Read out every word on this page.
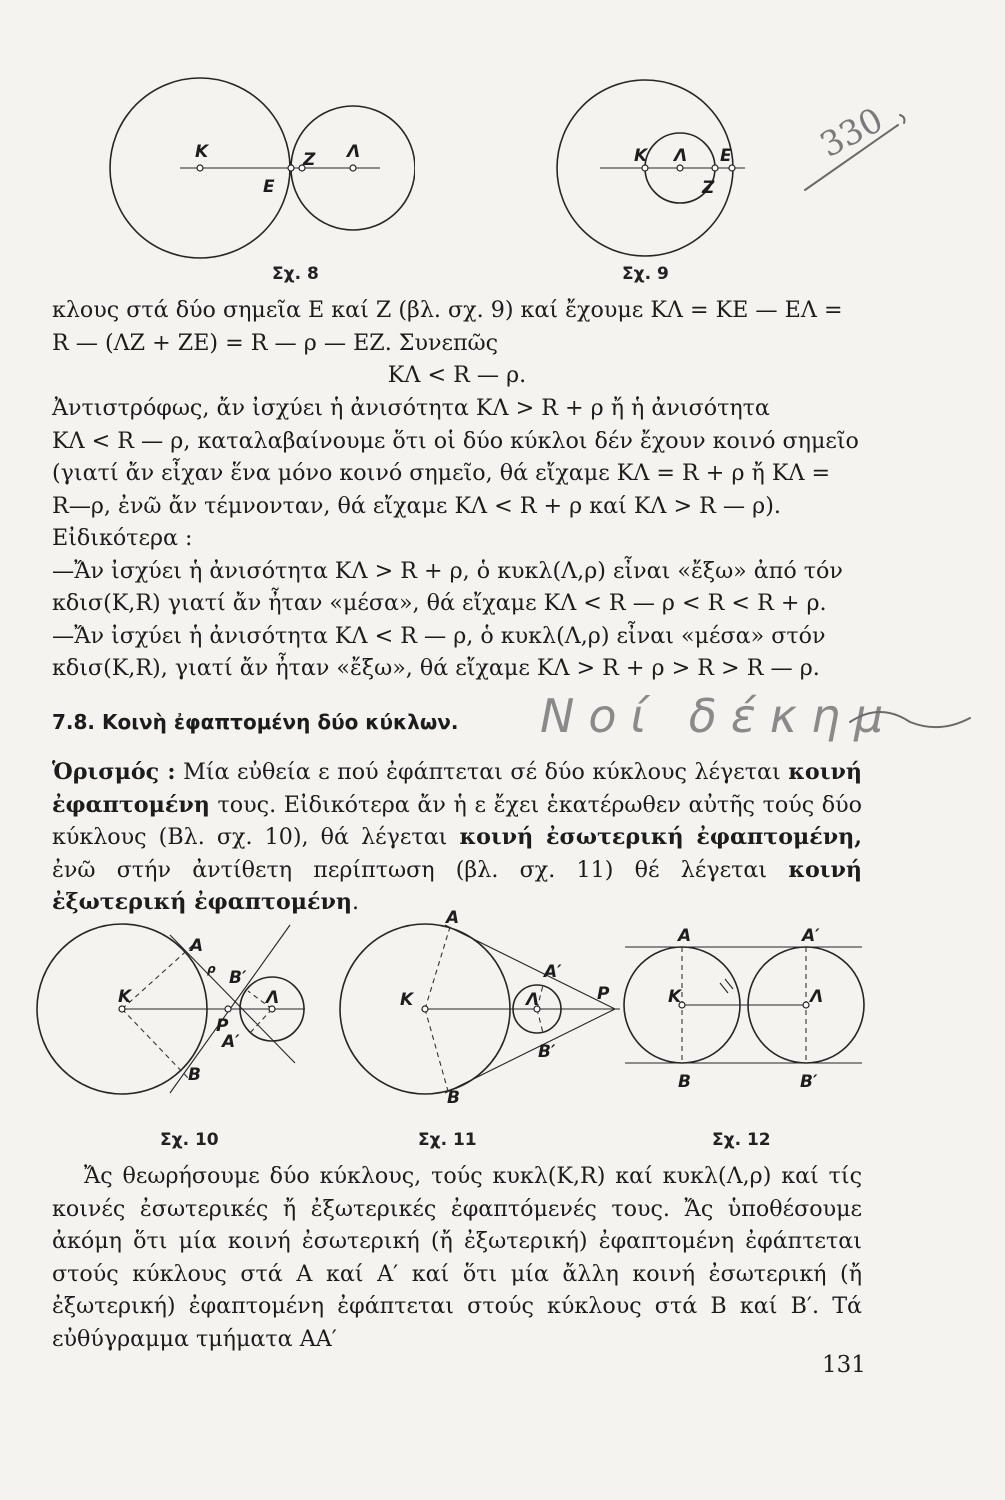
Κ	Ζ Λ
Ε
Σχ. 8
Κ Λ Ε
Ζ
Σχ. 9
330

κλους στά δύο σημεῖα Ε καί Ζ (βλ. σχ. 9) καί ἔχουμε ΚΛ = ΚΕ — ΕΛ =

R — (ΛΖ + ΖΕ) = R — ρ — ΕΖ. Συνεπῶς

ΚΛ < R — ρ.

Ἀντιστρόφως, ἄν ἰσχύει ἡ ἀνισότητα ΚΛ > R + ρ ἤ ἡ ἀνισότητα

ΚΛ < R — ρ, καταλαβαίνουμε ὅτι οἱ δύο κύκλοι δέν ἔχουν κοινό σημεῖο

(γιατί ἄν εἶχαν ἕνα μόνο κοινό σημεῖο, θά εἴχαμε ΚΛ = R + ρ ἤ ΚΛ =

R—ρ, ἐνῶ ἄν τέμνονταν, θά εἴχαμε ΚΛ < R + ρ καί ΚΛ > R — ρ).

Εἰδικότερα :

—Ἄν ἰσχύει ἡ ἀνισότητα ΚΛ > R + ρ, ὁ κυκλ(Λ,ρ) εἶναι «ἔξω» ἀπό τόν

κδισ(Κ,R) γιατί ἄν ἦταν «μέσα», θά εἴχαμε ΚΛ < R — ρ < R < R + ρ.

—Ἄν ἰσχύει ἡ ἀνισότητα ΚΛ < R — ρ, ὁ κυκλ(Λ,ρ) εἶναι «μέσα» στόν

κδισ(Κ,R), γιατί ἄν ἦταν «ἔξω», θά εἴχαμε ΚΛ > R + ρ > R > R — ρ.

7.8. Κοινὴ ἐφαπτομένη δύο κύκλων. Νοί δέκημ

Ὁρισμός : Μία εὐθεία ε πού ἐφάπτεται σέ δύο κύκλους λέγεται κοινή ἐφαπτομένη τους. Εἰδικότερα ἄν ἡ ε ἔχει ἑκατέρωθεν αὐτῆς τούς δύο κύκλους (Βλ. σχ. 10), θά λέγεται κοινή ἐσωτερική ἐφαπτομένη, ἐνῶ στήν ἀντίθετη περίπτωση (βλ. σχ. 11) θέ λέγεται κοινή ἐξωτερική ἐφαπτομένη.

Κ
Α
Β
Β′
Α′
Λ
Ρ
ρ
Σχ. 10
Κ
Α
Β
Α′
Β′
Λ	Ρ
Σχ. 11
Α	Α′
Κ	Λ
Β	Β′
Σχ. 12

Ἄς θεωρήσουμε δύο κύκλους, τούς κυκλ(Κ,R) καί κυκλ(Λ,ρ) καί τίς κοινές ἐσωτερικές ἤ ἐξωτερικές ἐφαπτόμενές τους. Ἄς ὑποθέσουμε ἀκόμη ὅτι μία κοινή ἐσωτερική (ἤ ἐξωτερική) ἐφαπτομένη ἐφάπτεται στούς κύκλους στά Α καί Α′ καί ὅτι μία ἄλλη κοινή ἐσωτερική (ἤ ἐξωτερική) ἐφαπτομένη ἐφάπτεται στούς κύκλους στά Β καί Β′. Τά εὐθύγραμμα τμήματα ΑΑ′

131
